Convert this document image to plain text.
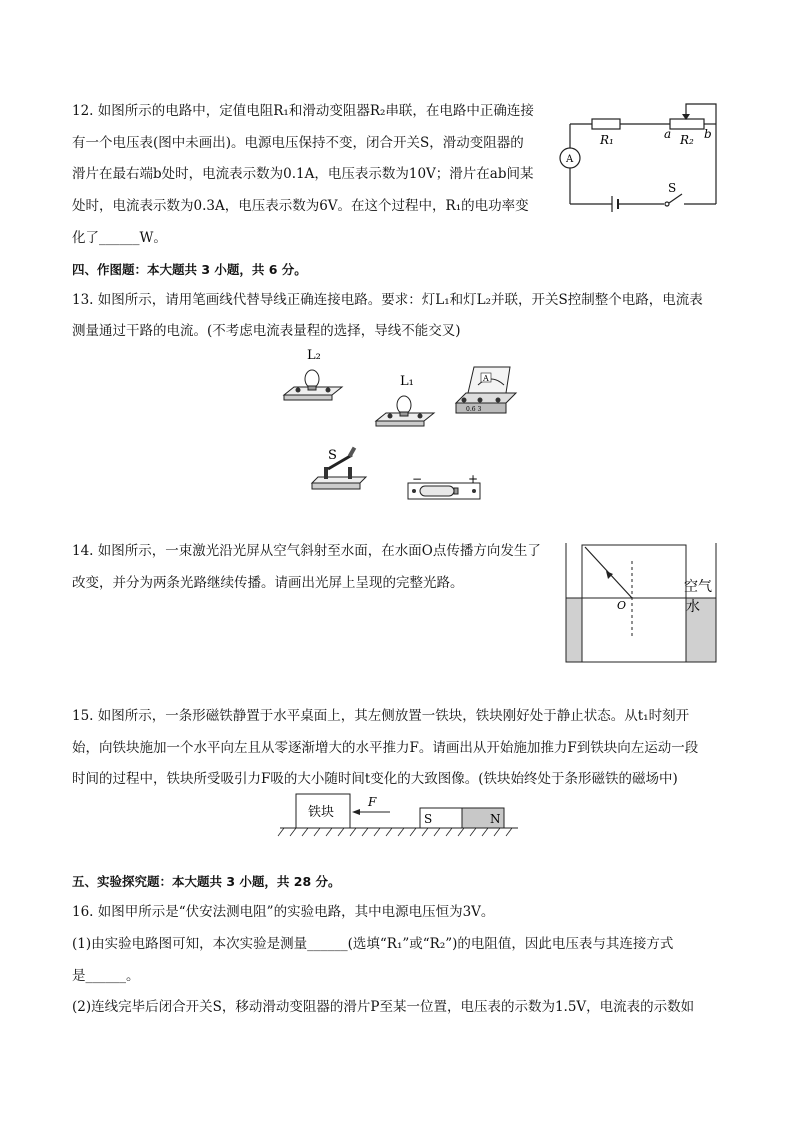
12. 如图所示的电路中，定值电阻R₁和滑动变阻器R₂串联，在电路中正确连接
有一个电压表(图中未画出)。电源电压保持不变，闭合开关S，滑动变阻器的
滑片在最右端b处时，电流表示数为0.1A，电压表示数为10V；滑片在ab间某
处时，电流表示数为0.3A，电压表示数为6V。在这个过程中，R₁的电功率变
化了______W。
A
R₁	a R₂ b
S
四、作图题：本大题共 3 小题，共 6 分。
13. 如图所示，请用笔画线代替导线正确连接电路。要求：灯L₁和灯L₂并联，开关S控制整个电路，电流表
测量通过干路的电流。(不考虑电流表量程的选择，导线不能交叉)
L₂
L₁	A
0.6 3
S
−	+
14. 如图所示，一束激光沿光屏从空气斜射至水面，在水面O点传播方向发生了
改变，并分为两条光路继续传播。请画出光屏上呈现的完整光路。
O
空气
水
15. 如图所示，一条形磁铁静置于水平桌面上，其左侧放置一铁块，铁块刚好处于静止状态。从t₁时刻开
始，向铁块施加一个水平向左且从零逐渐增大的水平推力F。请画出从开始施加推力F到铁块向左运动一段
时间的过程中，铁块所受吸引力F吸的大小随时间t变化的大致图像。(铁块始终处于条形磁铁的磁场中)
铁块
F
S	N
五、实验探究题：本大题共 3 小题，共 28 分。
16. 如图甲所示是“伏安法测电阻”的实验电路，其中电源电压恒为3V。
(1)由实验电路图可知，本次实验是测量______(选填“R₁”或“R₂”)的电阻值，因此电压表与其连接方式
是______。
(2)连线完毕后闭合开关S，移动滑动变阻器的滑片P至某一位置，电压表的示数为1.5V，电流表的示数如
